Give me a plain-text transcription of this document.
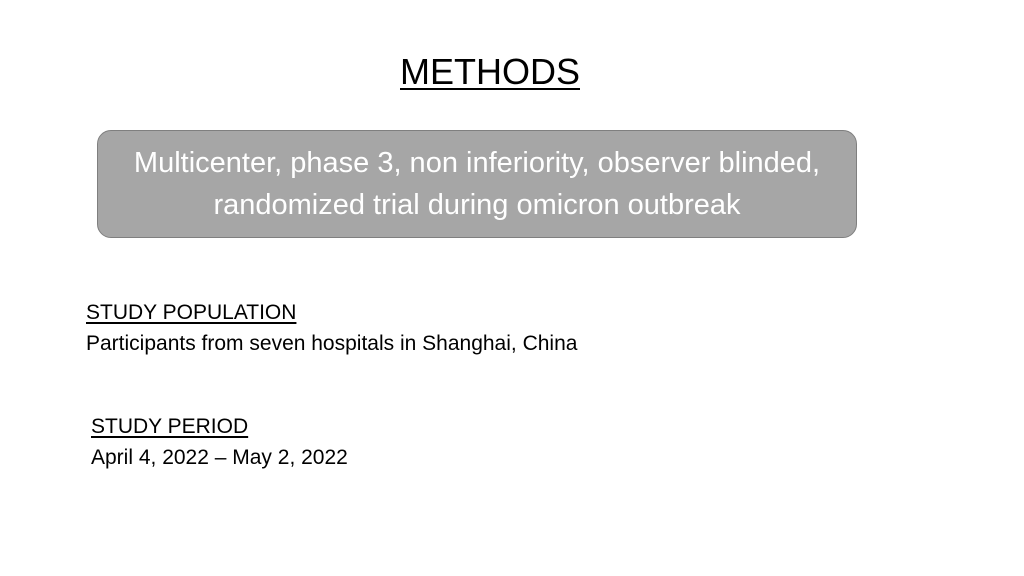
METHODS
Multicenter, phase 3, non inferiority, observer blinded, randomized trial during omicron outbreak
STUDY POPULATION
Participants from seven hospitals in Shanghai, China
STUDY PERIOD
April 4, 2022 – May 2, 2022
